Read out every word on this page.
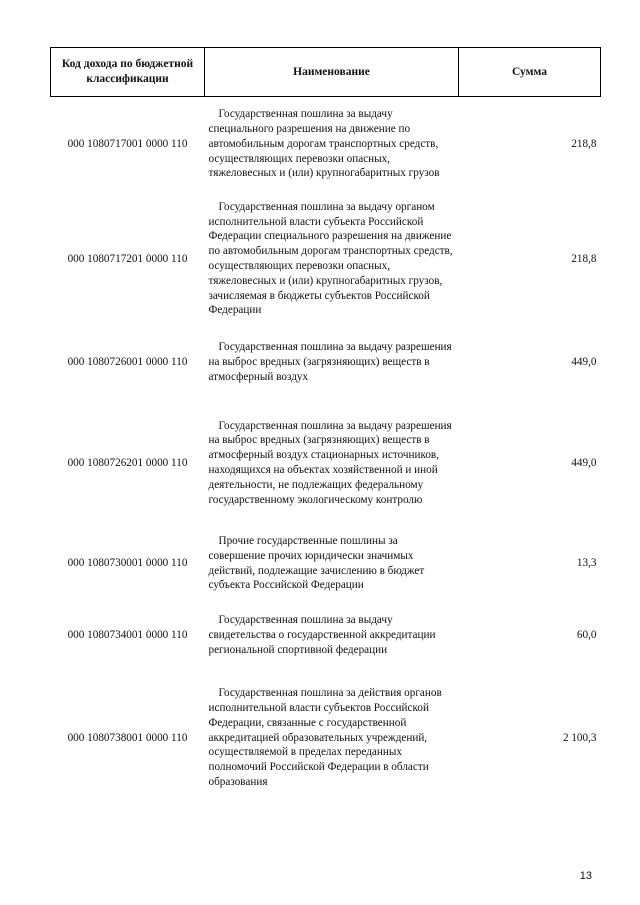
Код дохода по бюджетной классификации	Наименование	Сумма
000 1080717001 0000 110	Государственная пошлина за выдачу специального разрешения на движение по автомобильным дорогам транспортных средств, осуществляющих перевозки опасных, тяжеловесных и (или) крупногабаритных грузов	218,8
000 1080717201 0000 110	Государственная пошлина за выдачу органом исполнительной власти субъекта Российской Федерации специального разрешения на движение по автомобильным дорогам транспортных средств, осуществляющих перевозки опасных, тяжеловесных и (или) крупногабаритных грузов, зачисляемая в бюджеты субъектов Российской Федерации	218,8
000 1080726001 0000 110	Государственная пошлина за выдачу разрешения на выброс вредных (загрязняющих) веществ в атмосферный воздух	449,0
000 1080726201 0000 110	Государственная пошлина за выдачу разрешения на выброс вредных (загрязняющих) веществ в атмосферный воздух стационарных источников, находящихся на объектах хозяйственной и иной деятельности, не подлежащих федеральному государственному экологическому контролю	449,0
000 1080730001 0000 110	Прочие государственные пошлины за совершение прочих юридически значимых действий, подлежащие зачислению в бюджет субъекта Российской Федерации	13,3
000 1080734001 0000 110	Государственная пошлина за выдачу свидетельства о государственной аккредитации региональной спортивной федерации	60,0
000 1080738001 0000 110	Государственная пошлина за действия органов исполнительной власти субъектов Российской Федерации, связанные с государственной аккредитацией образовательных учреждений, осуществляемой в пределах переданных полномочий Российской Федерации в области образования	2 100,3
13
